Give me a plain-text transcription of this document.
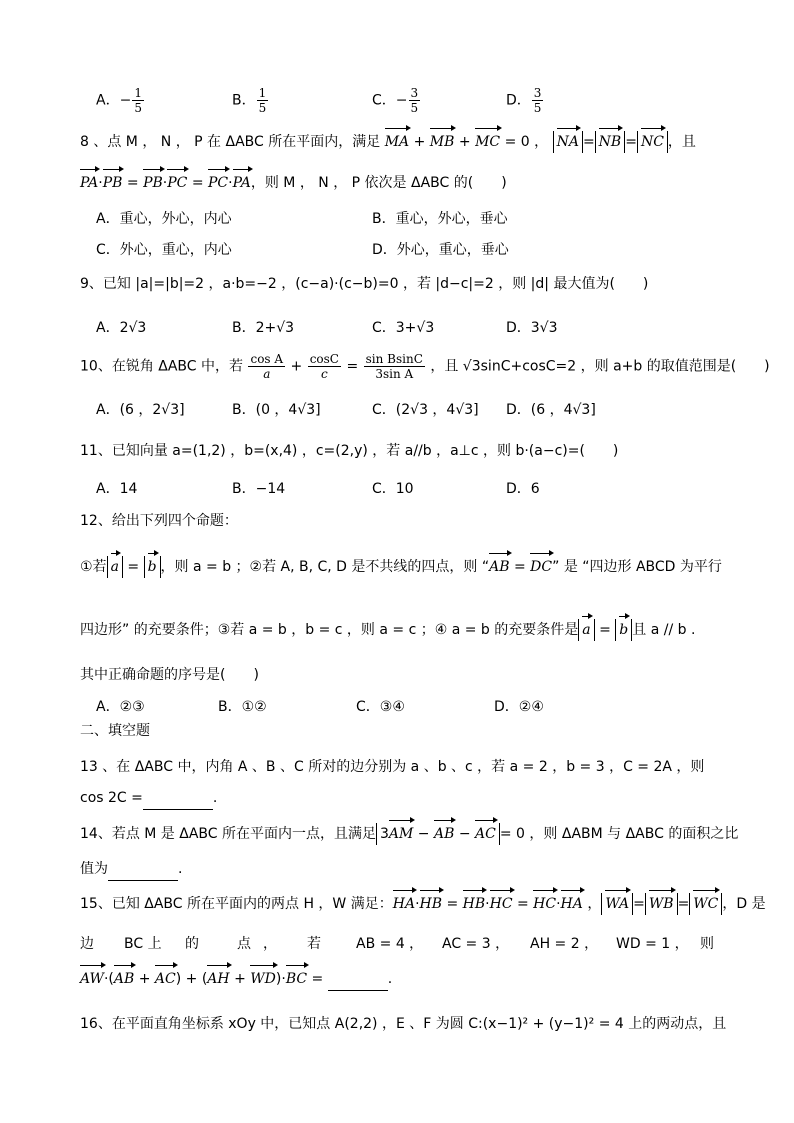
A．− $\frac{1}{5}$	B． $\frac{1}{5}$	C．− $\frac{3}{5}$	D． $\frac{3}{5}$
8 、点 M ， N ， P 在 ΔABC 所在平面内，满足 MA + MB + MC = 0 ， NA = NB = NC ，且
PA·PB = PB·PC = PC·PA，则 M ， N ， P 依次是 ΔABC 的(　　)
A．重心，外心，内心	B．重心，外心，垂心
C．外心，重心，内心	D．外心，重心，垂心
9、已知 |a|=|b|=2 ，a·b=−2 ，(c−a)·(c−b)=0 ，若 |d−c|=2 ，则 |d| 最大值为(　　)
A．2√3	B．2+√3	C．3+√3	D．3√3
10、在锐角 ΔABC 中，若 $\frac{\text{cos A}}{a} + \frac{\cos C}{c} = \frac{\text{sin BsinC}}{\text{3sin A}}$ ，且 √3sinC+cosC=2 ，则 a+b 的取值范围是(　　)
A．(6 ，2√3]	B．(0 ，4√3]	C．(2√3 ，4√3] D．(6 ，4√3]
11、已知向量 a=(1,2) ，b=(x,4) ，c=(2,y) ，若 a//b ，a⊥c ，则 b·(a−c)=(　　)
A．14	B．−14	C．10	D．6
12、给出下列四个命题：
①若 a = b ，则 a = b ；②若 A, B, C, D 是不共线的四点，则 “AB = DC” 是 “四边形 ABCD 为平行
四边形” 的充要条件；③若 a = b ，b = c ，则 a = c ；④ a = b 的充要条件是 a = b 且 a // b .
其中正确命题的序号是(　　)
A．②③	B．①②	C．③④	D．②④
二、填空题
13 、在 ΔABC 中，内角 A 、B 、C 所对的边分别为 a 、b 、c ，若 a = 2 ，b = 3 ，C = 2A ，则
cos 2C =	.
14、若点 M 是 ΔABC 所在平面内一点，且满足 3AM − AB − AC = 0 ，则 ΔABM 与 ΔABC 的面积之比
值为	.
15、已知 ΔABC 所在平面内的两点 H ，W 满足：HA·HB = HB·HC = HC·HA ， WA = WB = WC ，D 是
边 BC 上 的	点 ， 若	AB = 4 ， AC = 3 ， AH = 2 ， WD = 1 ， 则
AW·(AB + AC) + (AH + WD)·BC =	.
16、在平面直角坐标系 xOy 中，已知点 A(2,2) ，E 、F 为圆 C:(x−1)² + (y−1)² = 4 上的两动点，且
